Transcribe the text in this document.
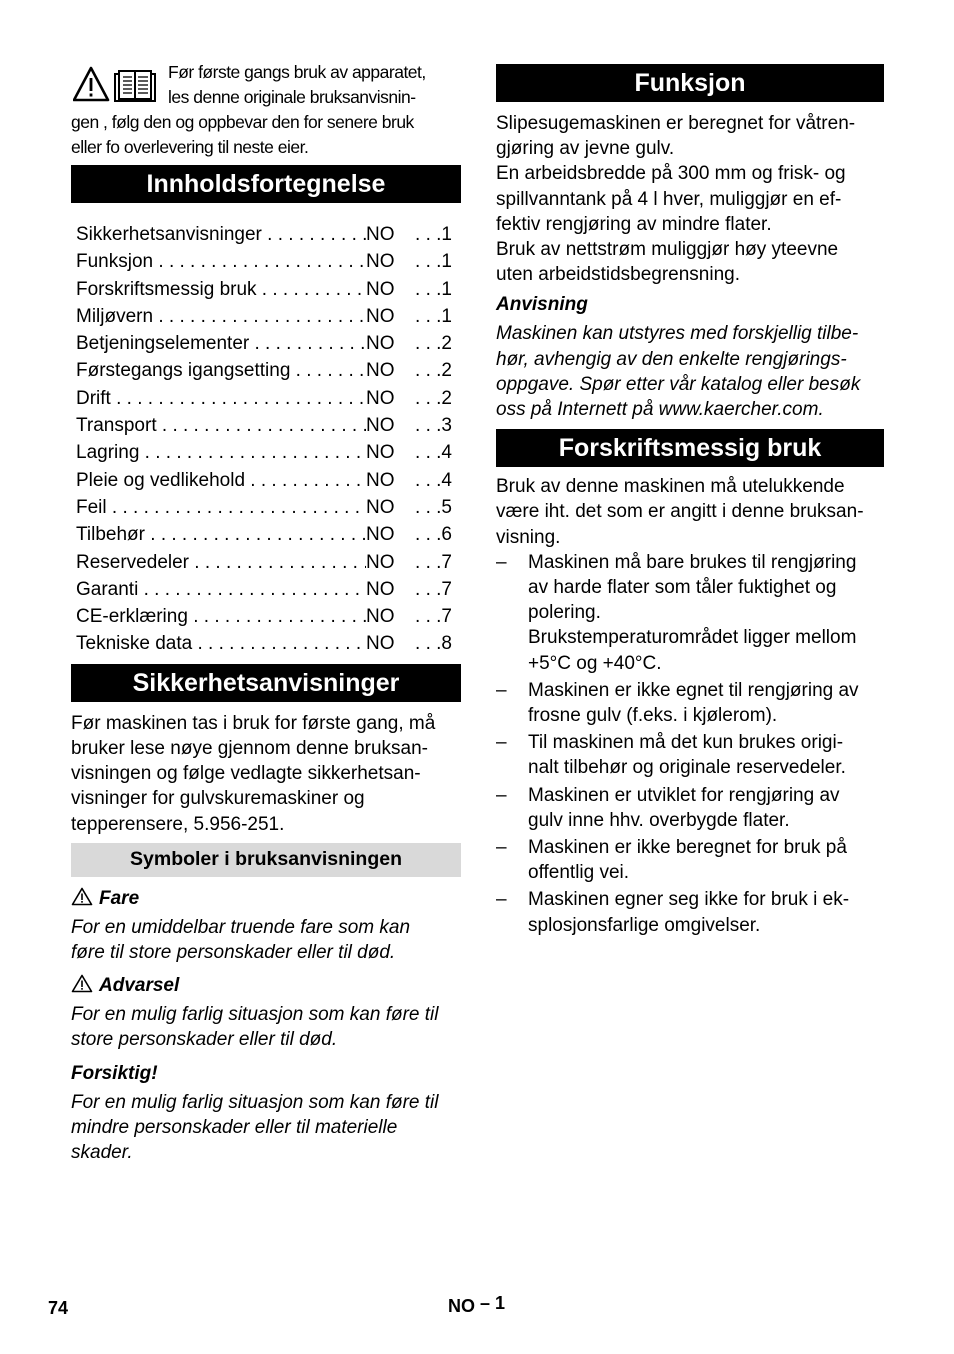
Før første gangs bruk av apparatet,
les denne originale bruksanvisnin-
gen , følg den og oppbevar den for senere bruk
eller fo overlevering til neste eier.
Innholdsfortegnelse
Sikkerhetsanvisninger . . .	NO	. . .1
Funksjon . . .	NO	. . .1
Forskriftsmessig bruk . . .	NO	. . .1
Miljøvern . . .	NO	. . .1
Betjeningselementer . . .	NO	. . .2
Førstegangs igangsetting . . .	NO	. . .2
Drift . . .	NO	. . .2
Transport . . .	NO	. . .3
Lagring . . .	NO	. . .4
Pleie og vedlikehold . . .	NO	. . .4
Feil . . .	NO	. . .5
Tilbehør . . .	NO	. . .6
Reservedeler . . .	NO	. . .7
Garanti . . .	NO	. . .7
CE-erklæring . . .	NO	. . .7
Tekniske data . . .	NO	. . .8
Sikkerhetsanvisninger

Før maskinen tas i bruk for første gang, må

bruker lese nøye gjennom denne bruksan-

visningen og følge vedlagte sikkerhetsan-

visninger for gulvskuremaskiner og

tepperensere, 5.956-251.

Symboler i bruksanvisningen

Fare

For en umiddelbar truende fare som kan

føre til store personskader eller til død.

Advarsel

For en mulig farlig situasjon som kan føre til

store personskader eller til død.

Forsiktig!

For en mulig farlig situasjon som kan føre til

mindre personskader eller til materielle

skader.

Funksjon

Slipesugemaskinen er beregnet for våtren-

gjøring av jevne gulv.

En arbeidsbredde på 300 mm og frisk- og

spillvanntank på 4 l hver, muliggjør en ef-

fektiv rengjøring av mindre flater.

Bruk av nettstrøm muliggjør høy yteevne

uten arbeidstidsbegrensning.

Anvisning

Maskinen kan utstyres med forskjellig tilbe-

hør, avhengig av den enkelte rengjørings-

oppgave. Spør etter vår katalog eller besøk

oss på Internett på www.kaercher.com.

Forskriftsmessig bruk

Bruk av denne maskinen må utelukkende

være iht. det som er angitt i denne bruksan-

visning.

– Maskinen må bare brukes til rengjøring
av harde flater som tåler fuktighet og
polering.
Brukstemperaturområdet ligger mellom
+5°C og +40°C.
– Maskinen er ikke egnet til rengjøring av
frosne gulv (f.eks. i kjølerom).
– Til maskinen må det kun brukes origi-
nalt tilbehør og originale reservedeler.
– Maskinen er utviklet for rengjøring av
gulv inne hhv. overbygde flater.
– Maskinen er ikke beregnet for bruk på
offentlig vei.
– Maskinen egner seg ikke for bruk i ek-
splosjonsfarlige omgivelser.
74	NO – 1
